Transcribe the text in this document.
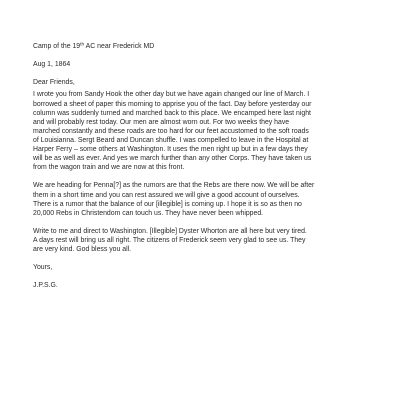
Camp of the 19th AC near Frederick MD

Aug 1, 1864

Dear Friends,

I wrote you from Sandy Hook the other day but we have again changed our line of March. I

borrowed a sheet of paper this morning to apprise you of the fact. Day before yesterday our

column was suddenly turned and marched back to this place. We encamped here last night

and will probably rest today. Our men are almost worn out. For two weeks they have

marched constantly and these roads are too hard for our feet accustomed to the soft roads

of Louisianna. Sergt Beard and Duncan shuffle. I was compelled to leave in the Hospital at

Harper Ferry – some others at Washington. It uses the men right up but in a few days they

will be as well as ever. And yes we march further than any other Corps. They have taken us

from the wagon train and we are now at this front.

We are heading for Penna[?] as the rumors are that the Rebs are there now. We will be after

them in a short time and you can rest assured we will give a good account of ourselves.

There is a rumor that the balance of our [illegible] is coming up. I hope it is so as then no

20,000 Rebs in Christendom can touch us. They have never been whipped.

Write to me and direct to Washington. [Illegible] Dyster Whorton are all here but very tired.

A days rest will bring us all right. The citizens of Frederick seem very glad to see us. They

are very kind. God bless you all.

Yours,

J.P.S.G.
